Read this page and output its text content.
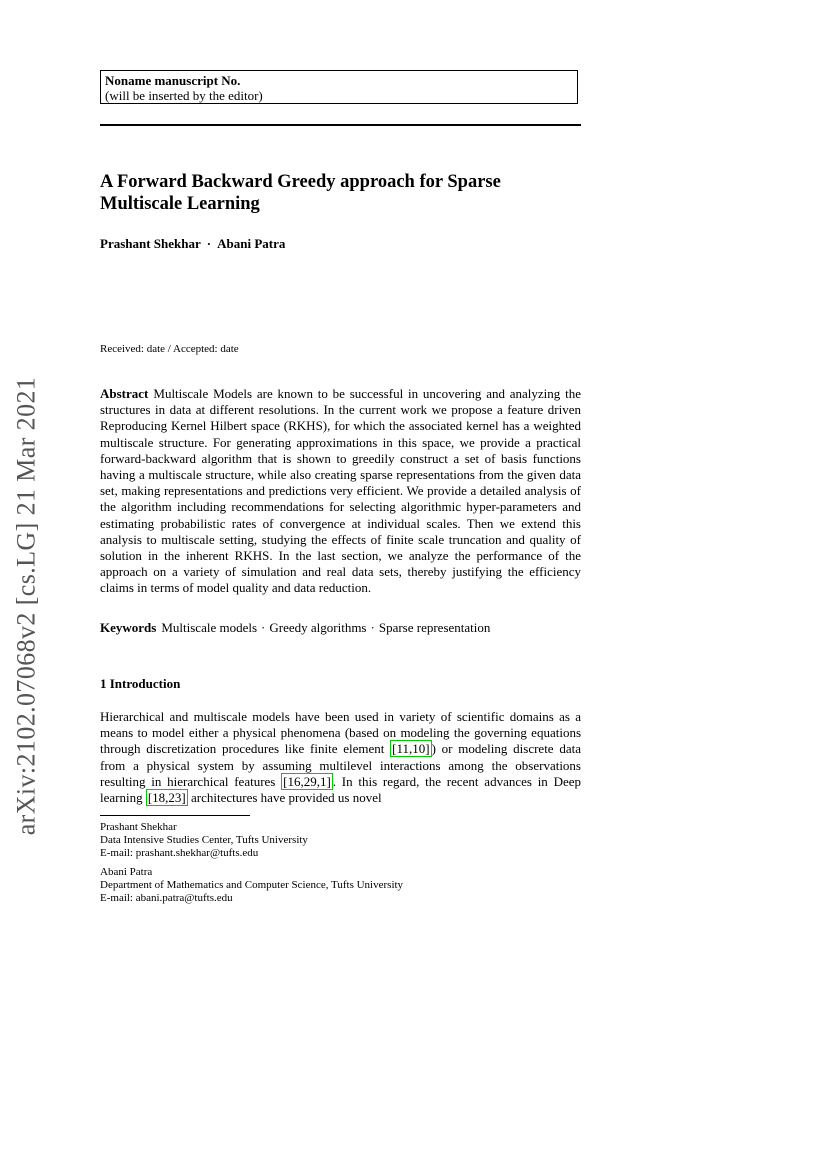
arXiv:2102.07068v2 [cs.LG] 21 Mar 2021
Noname manuscript No.
(will be inserted by the editor)
A Forward Backward Greedy approach for Sparse Multiscale Learning
Prashant Shekhar · Abani Patra
Received: date / Accepted: date
Abstract Multiscale Models are known to be successful in uncovering and analyzing the structures in data at different resolutions. In the current work we propose a feature driven Reproducing Kernel Hilbert space (RKHS), for which the associated kernel has a weighted multiscale structure. For generating approximations in this space, we provide a practical forward-backward algorithm that is shown to greedily construct a set of basis functions having a multiscale structure, while also creating sparse representations from the given data set, making representations and predictions very efficient. We provide a detailed analysis of the algorithm including recommendations for selecting algorithmic hyper-parameters and estimating probabilistic rates of convergence at individual scales. Then we extend this analysis to multiscale setting, studying the effects of finite scale truncation and quality of solution in the inherent RKHS. In the last section, we analyze the performance of the approach on a variety of simulation and real data sets, thereby justifying the efficiency claims in terms of model quality and data reduction.
Keywords Multiscale models · Greedy algorithms · Sparse representation
1 Introduction
Hierarchical and multiscale models have been used in variety of scientific domains as a means to model either a physical phenomena (based on modeling the governing equations through discretization procedures like finite element [11,10] ) or modeling discrete data from a physical system by assuming multilevel interactions among the observations resulting in hierarchical features [16,29,1] . In this regard, the recent advances in Deep learning [18,23] architectures have provided us novel
Prashant Shekhar
Data Intensive Studies Center, Tufts University
E-mail: prashant.shekhar@tufts.edu
Abani Patra
Department of Mathematics and Computer Science, Tufts University
E-mail: abani.patra@tufts.edu
